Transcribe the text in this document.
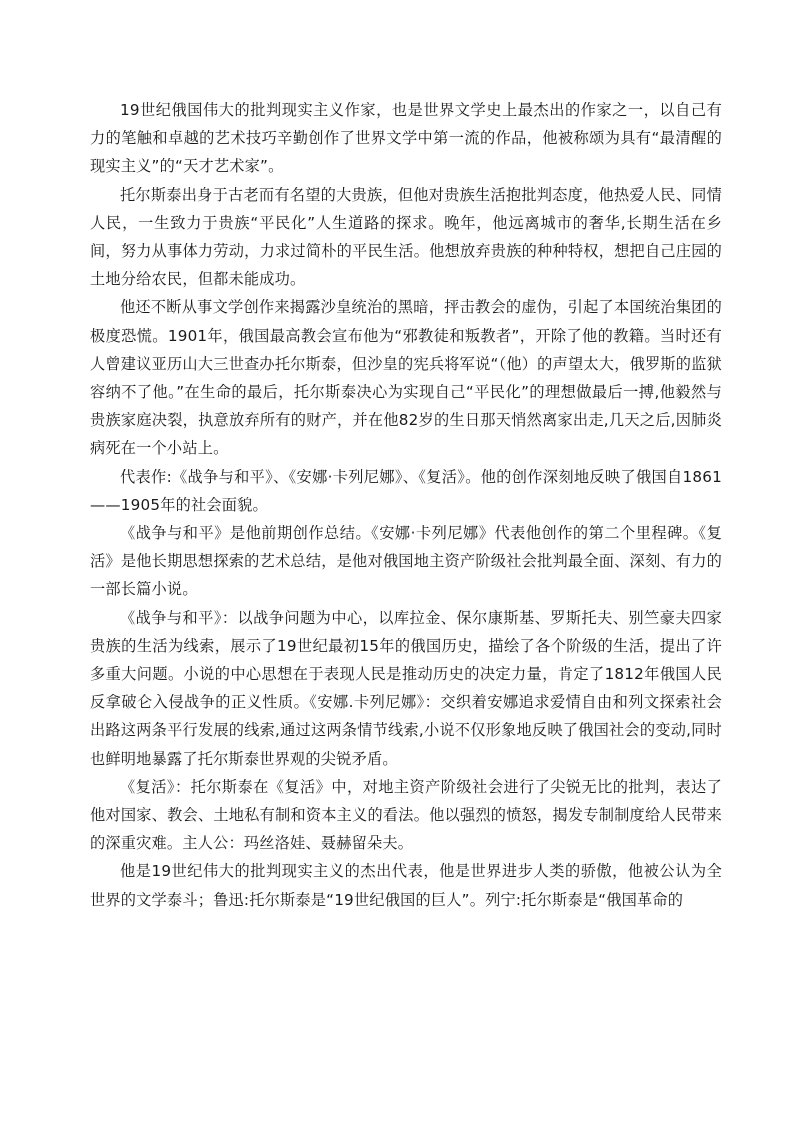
19世纪俄国伟大的批判现实主义作家，也是世界文学史上最杰出的作家之一，以自己有力的笔触和卓越的艺术技巧辛勤创作了世界文学中第一流的作品，他被称颂为具有“最清醒的现实主义”的“天才艺术家”。

托尔斯泰出身于古老而有名望的大贵族，但他对贵族生活抱批判态度，他热爱人民、同情人民，一生致力于贵族“平民化”人生道路的探求。晚年，他远离城市的奢华,长期生活在乡间，努力从事体力劳动，力求过简朴的平民生活。他想放弃贵族的种种特权，想把自己庄园的土地分给农民，但都未能成功。

他还不断从事文学创作来揭露沙皇统治的黑暗，抨击教会的虚伪，引起了本国统治集团的极度恐慌。1901年，俄国最高教会宣布他为“邪教徒和叛教者”，开除了他的教籍。当时还有人曾建议亚历山大三世查办托尔斯泰，但沙皇的宪兵将军说“（他）的声望太大，俄罗斯的监狱容纳不了他。”在生命的最后，托尔斯泰决心为实现自己“平民化”的理想做最后一搏,他毅然与贵族家庭决裂，执意放弃所有的财产，并在他82岁的生日那天悄然离家出走,几天之后,因肺炎病死在一个小站上。

代表作:《战争与和平》、《安娜·卡列尼娜》、《复活》。他的创作深刻地反映了俄国自1861——1905年的社会面貌。

《战争与和平》是他前期创作总结。《安娜·卡列尼娜》代表他创作的第二个里程碑。《复活》是他长期思想探索的艺术总结，是他对俄国地主资产阶级社会批判最全面、深刻、有力的一部长篇小说。

《战争与和平》：以战争问题为中心，以库拉金、保尔康斯基、罗斯托夫、别竺豪夫四家贵族的生活为线索，展示了19世纪最初15年的俄国历史，描绘了各个阶级的生活，提出了许多重大问题。小说的中心思想在于表现人民是推动历史的决定力量，肯定了1812年俄国人民反拿破仑入侵战争的正义性质。《安娜.卡列尼娜》：交织着安娜追求爱情自由和列文探索社会出路这两条平行发展的线索,通过这两条情节线索,小说不仅形象地反映了俄国社会的变动,同时也鲜明地暴露了托尔斯泰世界观的尖锐矛盾。

《复活》：托尔斯泰在《复活》中，对地主资产阶级社会进行了尖锐无比的批判，表达了他对国家、教会、土地私有制和资本主义的看法。他以强烈的愤怒，揭发专制制度给人民带来的深重灾难。主人公：玛丝洛娃、聂赫留朵夫。

他是19世纪伟大的批判现实主义的杰出代表，他是世界进步人类的骄傲，他被公认为全世界的文学泰斗；鲁迅:托尔斯泰是“19世纪俄国的巨人”。列宁:托尔斯泰是“俄国革命的
